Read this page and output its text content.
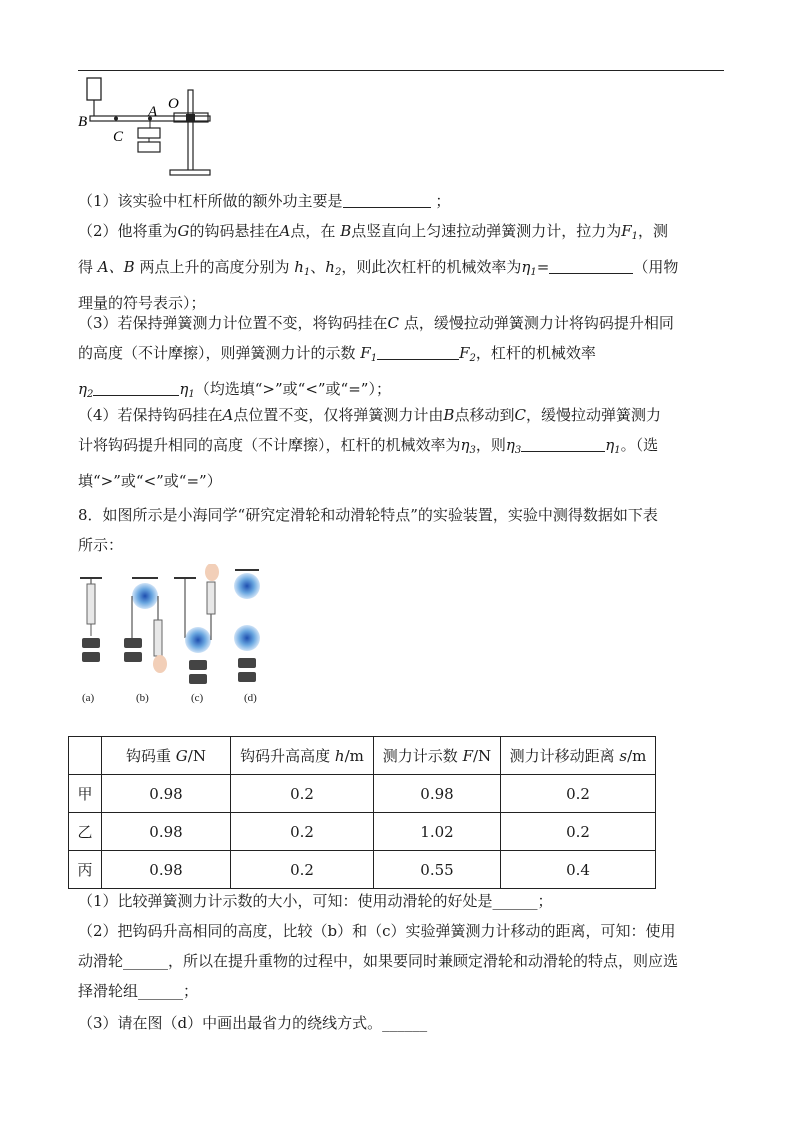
B
C
A O
（1）该实验中杠杆所做的额外功主要是	；
（2）他将重为G的钩码悬挂在A点，在 B点竖直向上匀速拉动弹簧测力计，拉力为$F_1$，测
得 A、B 两点上升的高度分别为 $h_1$、$h_2$，则此次杠杆的机械效率为$\eta_1=$	（用物
理量的符号表示）；
（3）若保持弹簧测力计位置不变，将钩码挂在C 点，缓慢拉动弹簧测力计将钩码提升相同
的高度（不计摩擦），则弹簧测力计的示数 $F_1$	$F_2$，杠杆的机械效率
$\eta_2$	$\eta_1$（均选填“>”或“<”或“=”）；
（4）若保持钩码挂在A点位置不变，仅将弹簧测力计由B点移动到C，缓慢拉动弹簧测力
计将钩码提升相同的高度（不计摩擦），杠杆的机械效率为$\eta_3$，则$\eta_3$	$\eta_1$。（选
填“>”或“<”或“=”）
8．如图所示是小海同学“研究定滑轮和动滑轮特点”的实验装置，实验中测得数据如下表
所示：
(a)	(b)	(c)	(d)
	钩码重 G/N	钩码升高高度 h/m	测力计示数 F/N	测力计移动距离 s/m
甲	0.98	0.2	0.98	0.2
乙	0.98	0.2	1.02	0.2
丙	0.98	0.2	0.55	0.4
（1）比较弹簧测力计示数的大小，可知：使用动滑轮的好处是______；
（2）把钩码升高相同的高度，比较（b）和（c）实验弹簧测力计移动的距离，可知：使用
动滑轮______，所以在提升重物的过程中，如果要同时兼顾定滑轮和动滑轮的特点，则应选
择滑轮组______；
（3）请在图（d）中画出最省力的绕线方式。______
